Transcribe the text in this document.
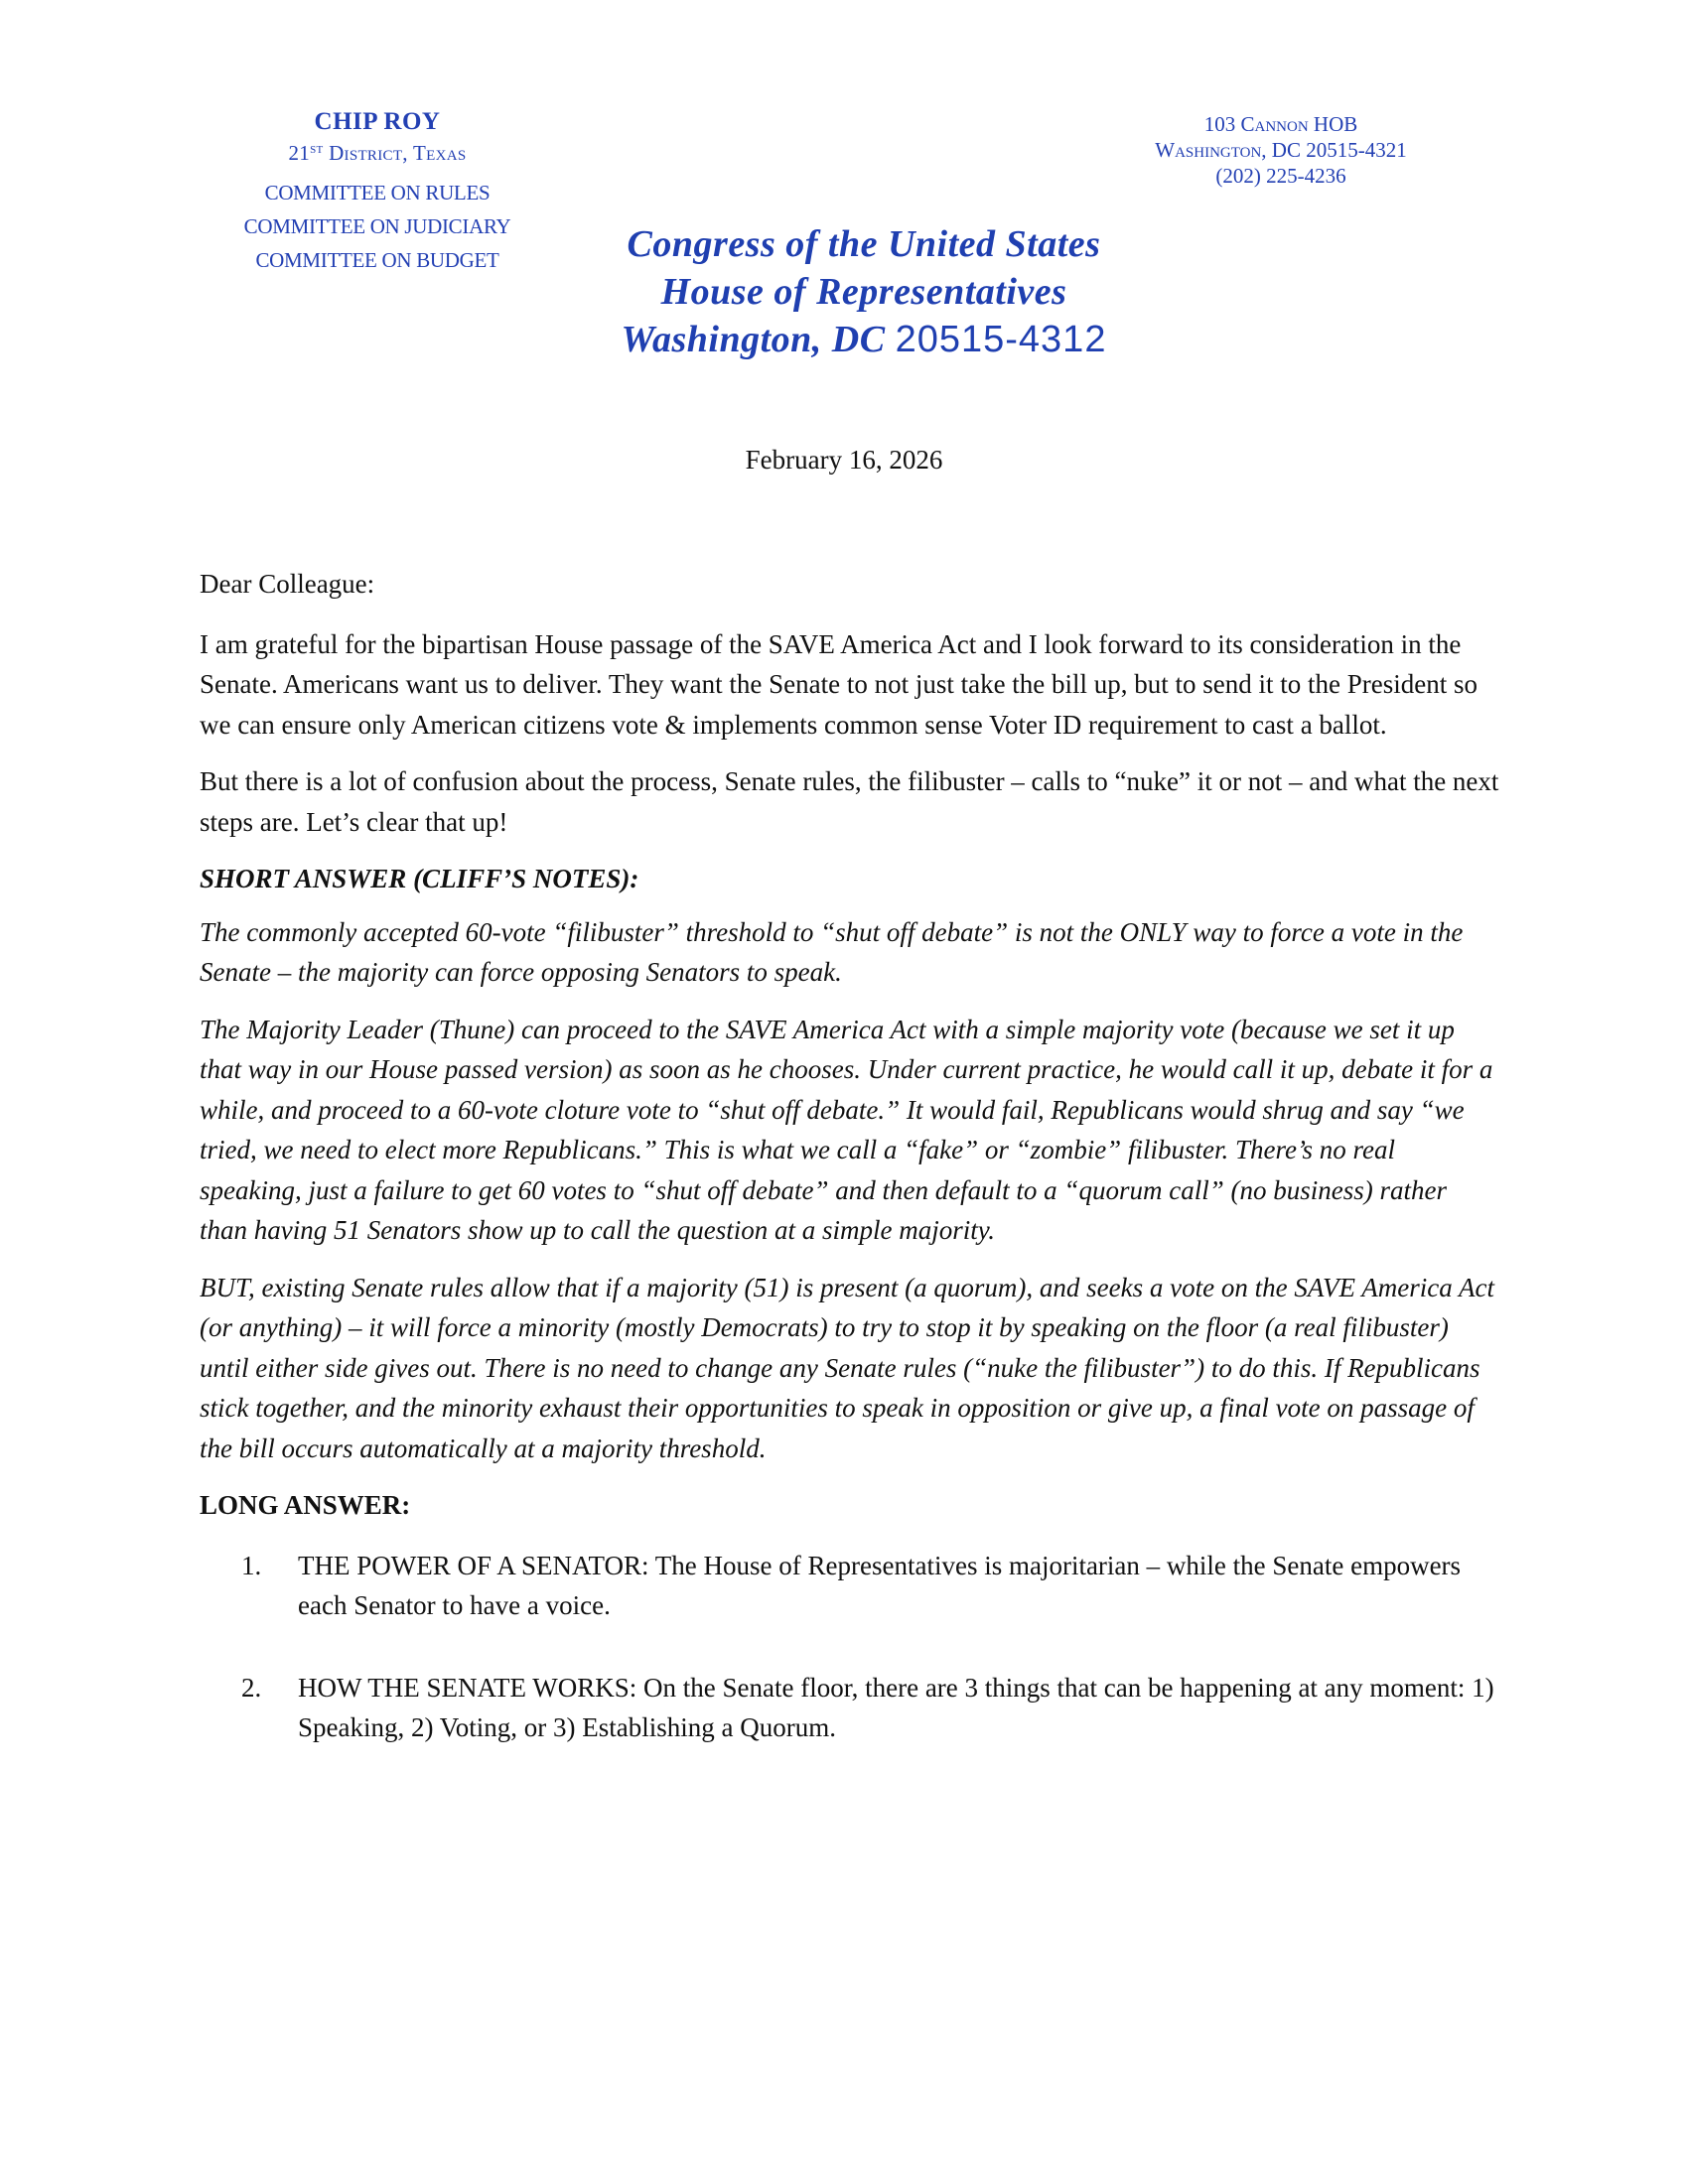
CHIP ROY
21ST District, Texas
COMMITTEE ON RULES
COMMITTEE ON JUDICIARY
COMMITTEE ON BUDGET
103 Cannon HOB
Washington, DC 20515-4321
(202) 225-4236
Congress of the United States
House of Representatives
Washington, DC 20515-4312
February 16, 2026

Dear Colleague:

I am grateful for the bipartisan House passage of the SAVE America Act and I look forward to its consideration in the Senate. Americans want us to deliver. They want the Senate to not just take the bill up, but to send it to the President so we can ensure only American citizens vote & implements common sense Voter ID requirement to cast a ballot.

But there is a lot of confusion about the process, Senate rules, the filibuster – calls to “nuke” it or not – and what the next steps are. Let’s clear that up!

SHORT ANSWER (CLIFF’S NOTES):

The commonly accepted 60-vote “filibuster” threshold to “shut off debate” is not the ONLY way to force a vote in the Senate – the majority can force opposing Senators to speak.

The Majority Leader (Thune) can proceed to the SAVE America Act with a simple majority vote (because we set it up that way in our House passed version) as soon as he chooses. Under current practice, he would call it up, debate it for a while, and proceed to a 60-vote cloture vote to “shut off debate.” It would fail, Republicans would shrug and say “we tried, we need to elect more Republicans.” This is what we call a “fake” or “zombie” filibuster. There’s no real speaking, just a failure to get 60 votes to “shut off debate” and then default to a “quorum call” (no business) rather than having 51 Senators show up to call the question at a simple majority.

BUT, existing Senate rules allow that if a majority (51) is present (a quorum), and seeks a vote on the SAVE America Act (or anything) – it will force a minority (mostly Democrats) to try to stop it by speaking on the floor (a real filibuster) until either side gives out. There is no need to change any Senate rules (“nuke the filibuster”) to do this. If Republicans stick together, and the minority exhaust their opportunities to speak in opposition or give up, a final vote on passage of the bill occurs automatically at a majority threshold.

LONG ANSWER:

1. THE POWER OF A SENATOR: The House of Representatives is majoritarian – while the Senate empowers each Senator to have a voice.
2. HOW THE SENATE WORKS: On the Senate floor, there are 3 things that can be happening at any moment: 1) Speaking, 2) Voting, or 3) Establishing a Quorum.
